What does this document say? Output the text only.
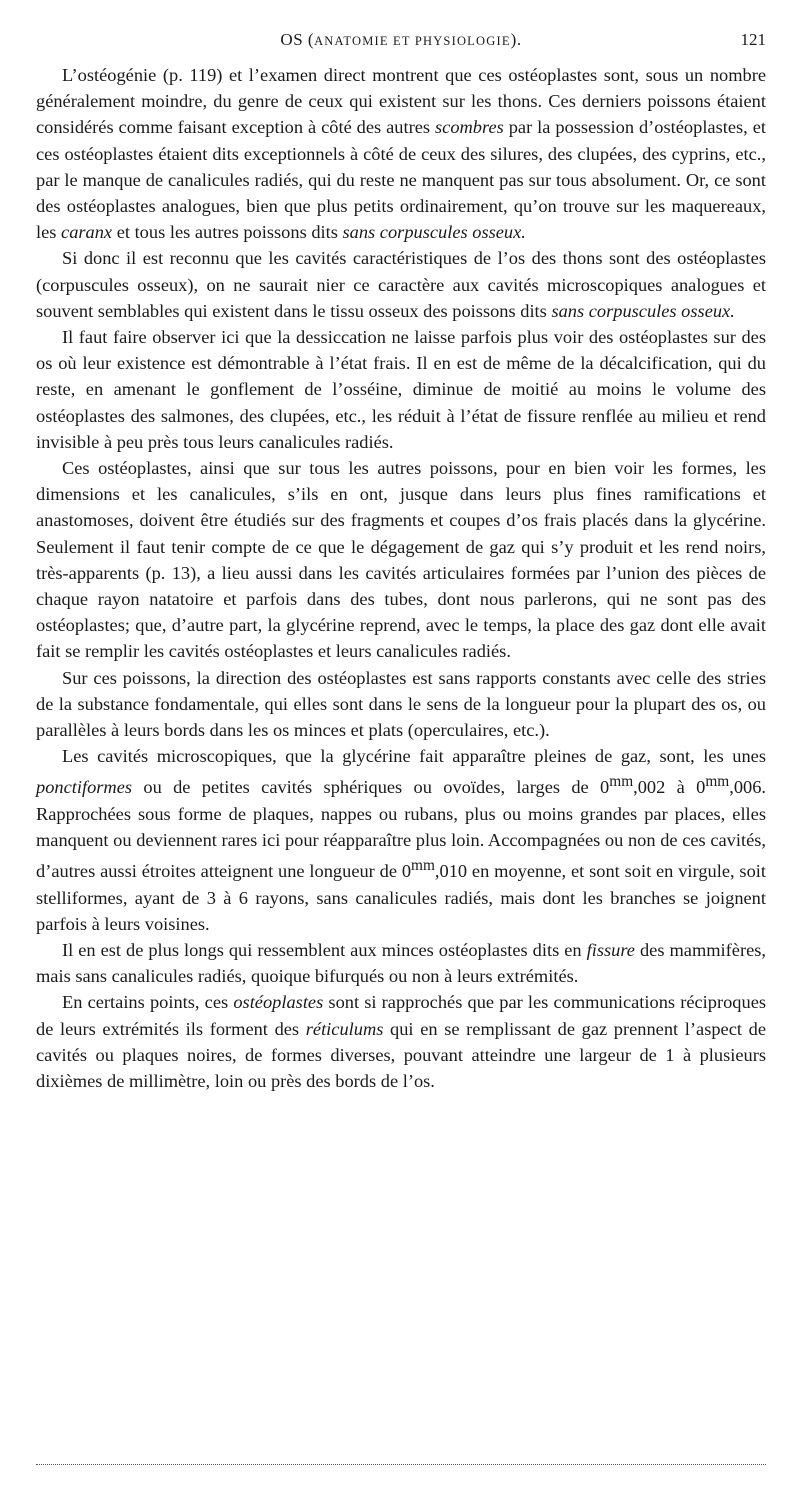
OS (ANATOMIE ET PHYSIOLOGIE).	121

L’ostéogénie (p. 119) et l’examen direct montrent que ces ostéoplastes sont, sous un nombre généralement moindre, du genre de ceux qui existent sur les thons. Ces derniers poissons étaient considérés comme faisant exception à côté des autres scombres par la possession d’ostéoplastes, et ces ostéoplastes étaient dits exceptionnels à côté de ceux des silures, des clupées, des cyprins, etc., par le manque de canalicules radiés, qui du reste ne manquent pas sur tous absolument. Or, ce sont des ostéoplastes analogues, bien que plus petits ordinairement, qu’on trouve sur les maquereaux, les caranx et tous les autres poissons dits sans corpuscules osseux.

Si donc il est reconnu que les cavités caractéristiques de l’os des thons sont des ostéoplastes (corpuscules osseux), on ne saurait nier ce caractère aux cavités microscopiques analogues et souvent semblables qui existent dans le tissu osseux des poissons dits sans corpuscules osseux.

Il faut faire observer ici que la dessiccation ne laisse parfois plus voir des ostéoplastes sur des os où leur existence est démontrable à l’état frais. Il en est de même de la décalcification, qui du reste, en amenant le gonflement de l’osséine, diminue de moitié au moins le volume des ostéoplastes des salmones, des clupées, etc., les réduit à l’état de fissure renflée au milieu et rend invisible à peu près tous leurs canalicules radiés.

Ces ostéoplastes, ainsi que sur tous les autres poissons, pour en bien voir les formes, les dimensions et les canalicules, s’ils en ont, jusque dans leurs plus fines ramifications et anastomoses, doivent être étudiés sur des fragments et coupes d’os frais placés dans la glycérine. Seulement il faut tenir compte de ce que le dégagement de gaz qui s’y produit et les rend noirs, très-apparents (p. 13), a lieu aussi dans les cavités articulaires formées par l’union des pièces de chaque rayon natatoire et parfois dans des tubes, dont nous parlerons, qui ne sont pas des ostéoplastes; que, d’autre part, la glycérine reprend, avec le temps, la place des gaz dont elle avait fait se remplir les cavités ostéoplastes et leurs canalicules radiés.

Sur ces poissons, la direction des ostéoplastes est sans rapports constants avec celle des stries de la substance fondamentale, qui elles sont dans le sens de la longueur pour la plupart des os, ou parallèles à leurs bords dans les os minces et plats (operculaires, etc.).

Les cavités microscopiques, que la glycérine fait apparaître pleines de gaz, sont, les unes ponctiformes ou de petites cavités sphériques ou ovoïdes, larges de $0^{mm},002$ à $0^{mm},006$. Rapprochées sous forme de plaques, nappes ou rubans, plus ou moins grandes par places, elles manquent ou deviennent rares ici pour réapparaître plus loin. Accompagnées ou non de ces cavités, d’autres aussi étroites atteignent une longueur de $0^{mm},010$ en moyenne, et sont soit en virgule, soit stelliformes, ayant de 3 à 6 rayons, sans canalicules radiés, mais dont les branches se joignent parfois à leurs voisines.

Il en est de plus longs qui ressemblent aux minces ostéoplastes dits en fissure des mammifères, mais sans canalicules radiés, quoique bifurqués ou non à leurs extrémités.

En certains points, ces ostéoplastes sont si rapprochés que par les communications réciproques de leurs extrémités ils forment des réticulums qui en se remplissant de gaz prennent l’aspect de cavités ou plaques noires, de formes diverses, pouvant atteindre une largeur de 1 à plusieurs dixièmes de millimètre, loin ou près des bords de l’os.
